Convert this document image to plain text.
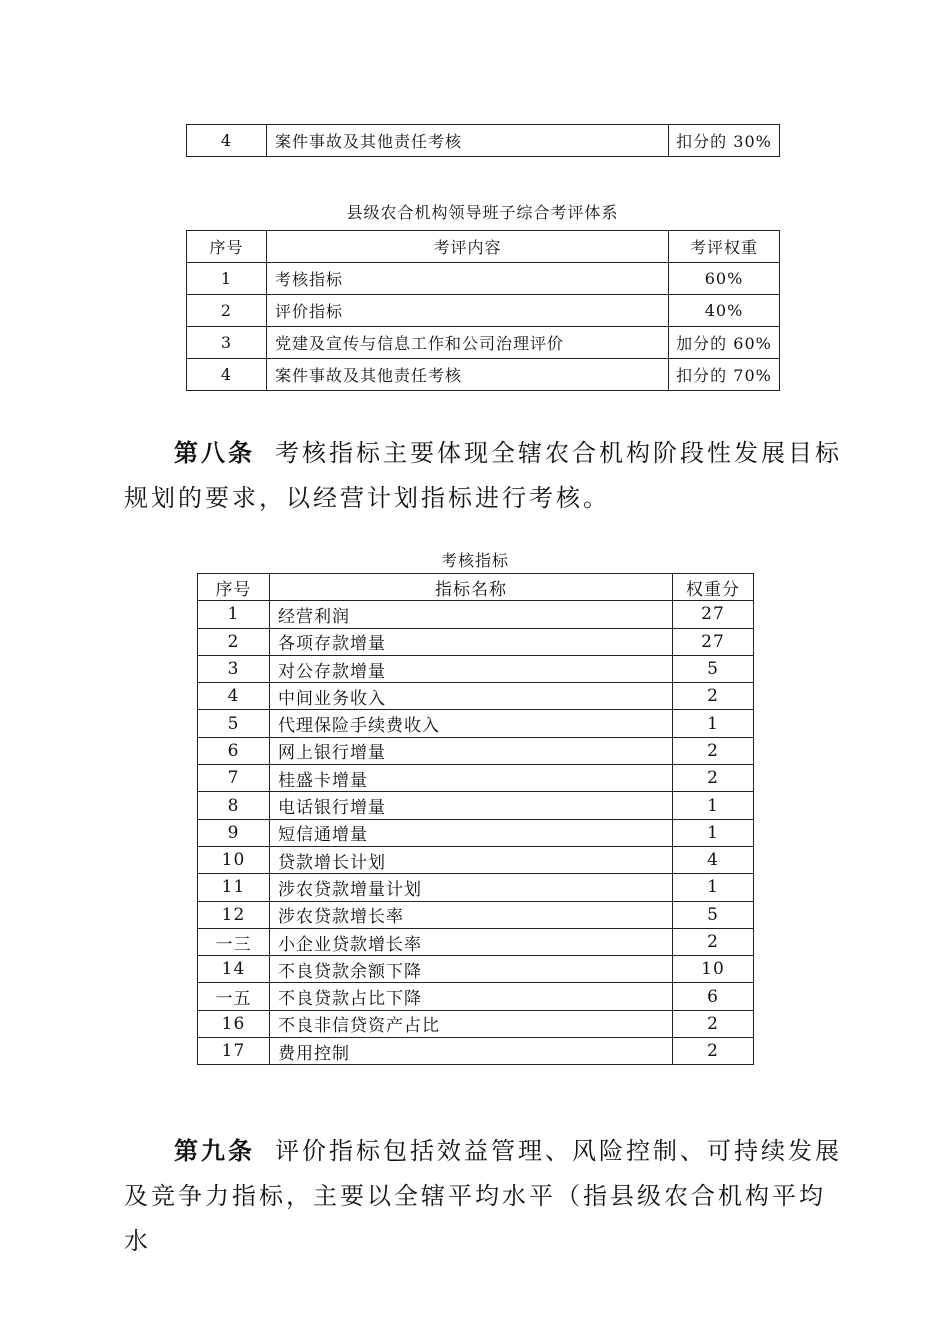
4	案件事故及其他责任考核	扣分的 30%
县级农合机构领导班子综合考评体系
序号	考评内容	考评权重
1	考核指标	60%
2	评价指标	40%
3	党建及宣传与信息工作和公司治理评价	加分的 60%
4	案件事故及其他责任考核	扣分的 70%
第八条 考核指标主要体现全辖农合机构阶段性发展目标
规划的要求，以经营计划指标进行考核。
考核指标
序号	指标名称	权重分
1	经营利润	27
2	各项存款增量	27
3	对公存款增量	5
4	中间业务收入	2
5	代理保险手续费收入	1
6	网上银行增量	2
7	桂盛卡增量	2
8	电话银行增量	1
9	短信通增量	1
10	贷款增长计划	4
11	涉农贷款增量计划	1
12	涉农贷款增长率	5
一三	小企业贷款增长率	2
14	不良贷款余额下降	10
一五	不良贷款占比下降	6
16	不良非信贷资产占比	2
17	费用控制	2
第九条 评价指标包括效益管理、风险控制、可持续发展
及竞争力指标，主要以全辖平均水平（指县级农合机构平均水
